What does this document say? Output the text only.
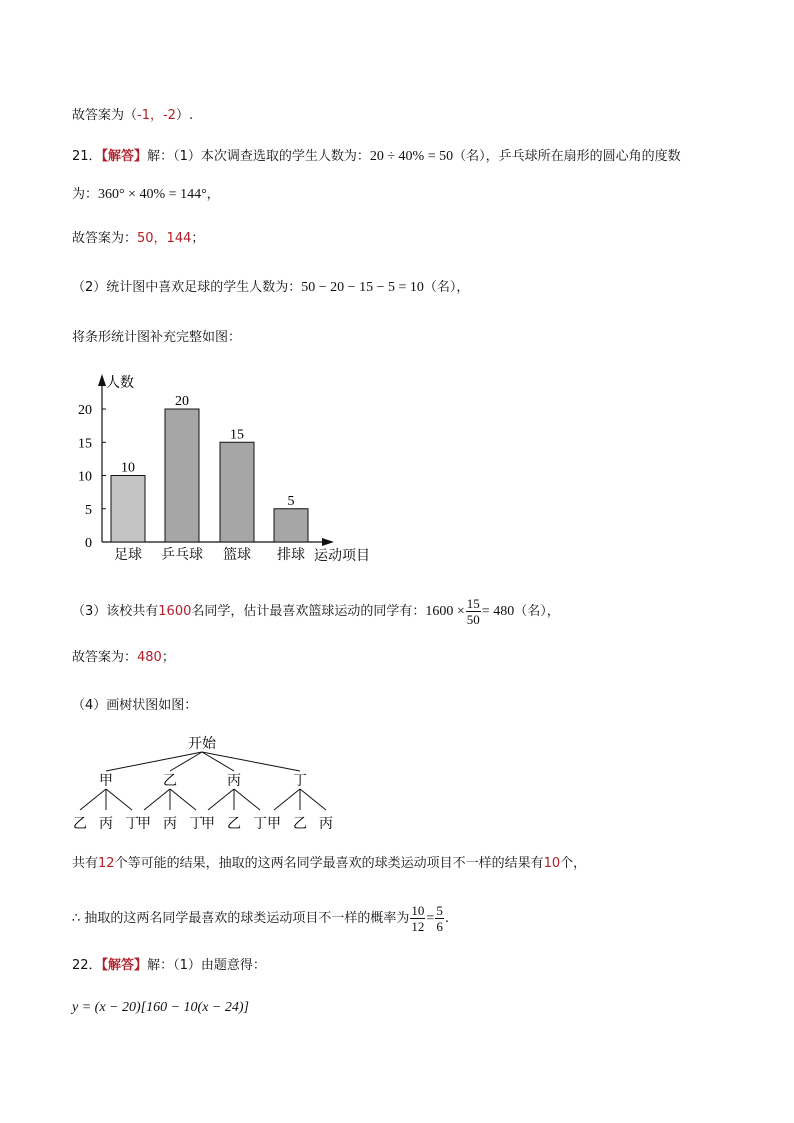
故答案为（-1，-2）.
21．【解答】解：（1）本次调查选取的学生人数为：20 ÷ 40% = 50（名），乒乓球所在扇形的圆心角的度数
为：360° × 40% = 144°，
故答案为：50，144；
（2）统计图中喜欢足球的学生人数为：50 − 20 − 15 − 5 = 10（名），
将条形统计图补充完整如图：
人数
运动项目
0
5
10
15
20
10
足球
20
乒乓球
15
篮球
5
排球
（3）该校共有1600名同学，估计最喜欢篮球运动的同学有：$1600 \times \frac{15}{50} = 480$（名），
故答案为：480；
（4）画树状图如图：
开始
甲
乙 丙 丁
乙
甲 丙 丁
丙
甲 乙 丁
丁
甲 乙 丙
共有12个等可能的结果，抽取的这两名同学最喜欢的球类运动项目不一样的结果有10个，
∴ 抽取的这两名同学最喜欢的球类运动项目不一样的概率为 $\frac{10}{12} = \frac{5}{6}$ .
22．【解答】解：（1）由题意得：
y = (x − 20)[160 − 10(x − 24)]
